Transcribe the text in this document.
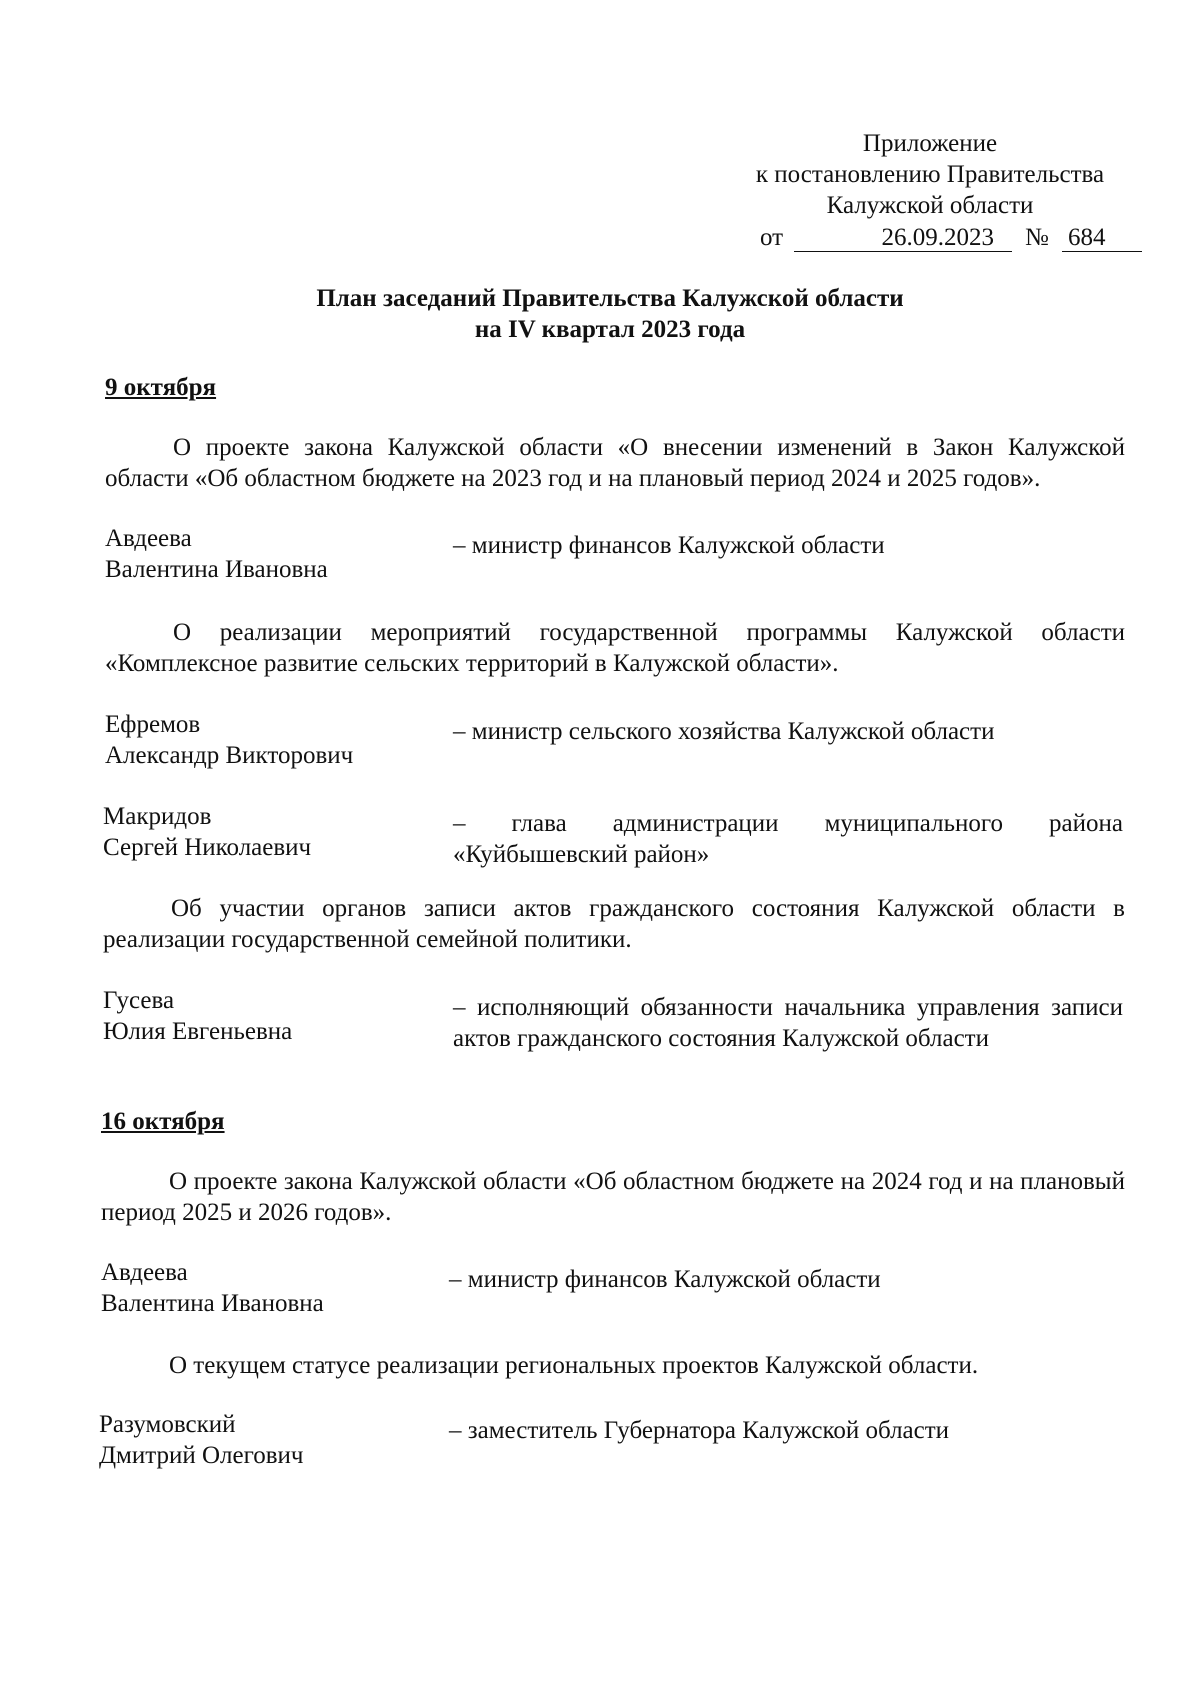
Приложение
к постановлению Правительства
Калужской области
от	26.09.2023	№ 684
План заседаний Правительства Калужской области
на IV квартал 2023 года
9 октября
О проекте закона Калужской области «О внесении изменений в Закон Калужской области «Об областном бюджете на 2023 год и на плановый период 2024 и 2025 годов».
Авдеева
Валентина Ивановна
– министр финансов Калужской области
О реализации мероприятий государственной программы Калужской области «Комплексное развитие сельских территорий в Калужской области».
Ефремов
Александр Викторович
– министр сельского хозяйства Калужской области
Макридов
Сергей Николаевич
– глава администрации муниципального района «Куйбышевский район»
Об участии органов записи актов гражданского состояния Калужской области в реализации государственной семейной политики.
Гусева
Юлия Евгеньевна
– исполняющий обязанности начальника управления записи актов гражданского состояния Калужской области
16 октября
О проекте закона Калужской области «Об областном бюджете на 2024 год и на плановый период 2025 и 2026 годов».
Авдеева
Валентина Ивановна
– министр финансов Калужской области
О текущем статусе реализации региональных проектов Калужской области.
Разумовский
Дмитрий Олегович
– заместитель Губернатора Калужской области
